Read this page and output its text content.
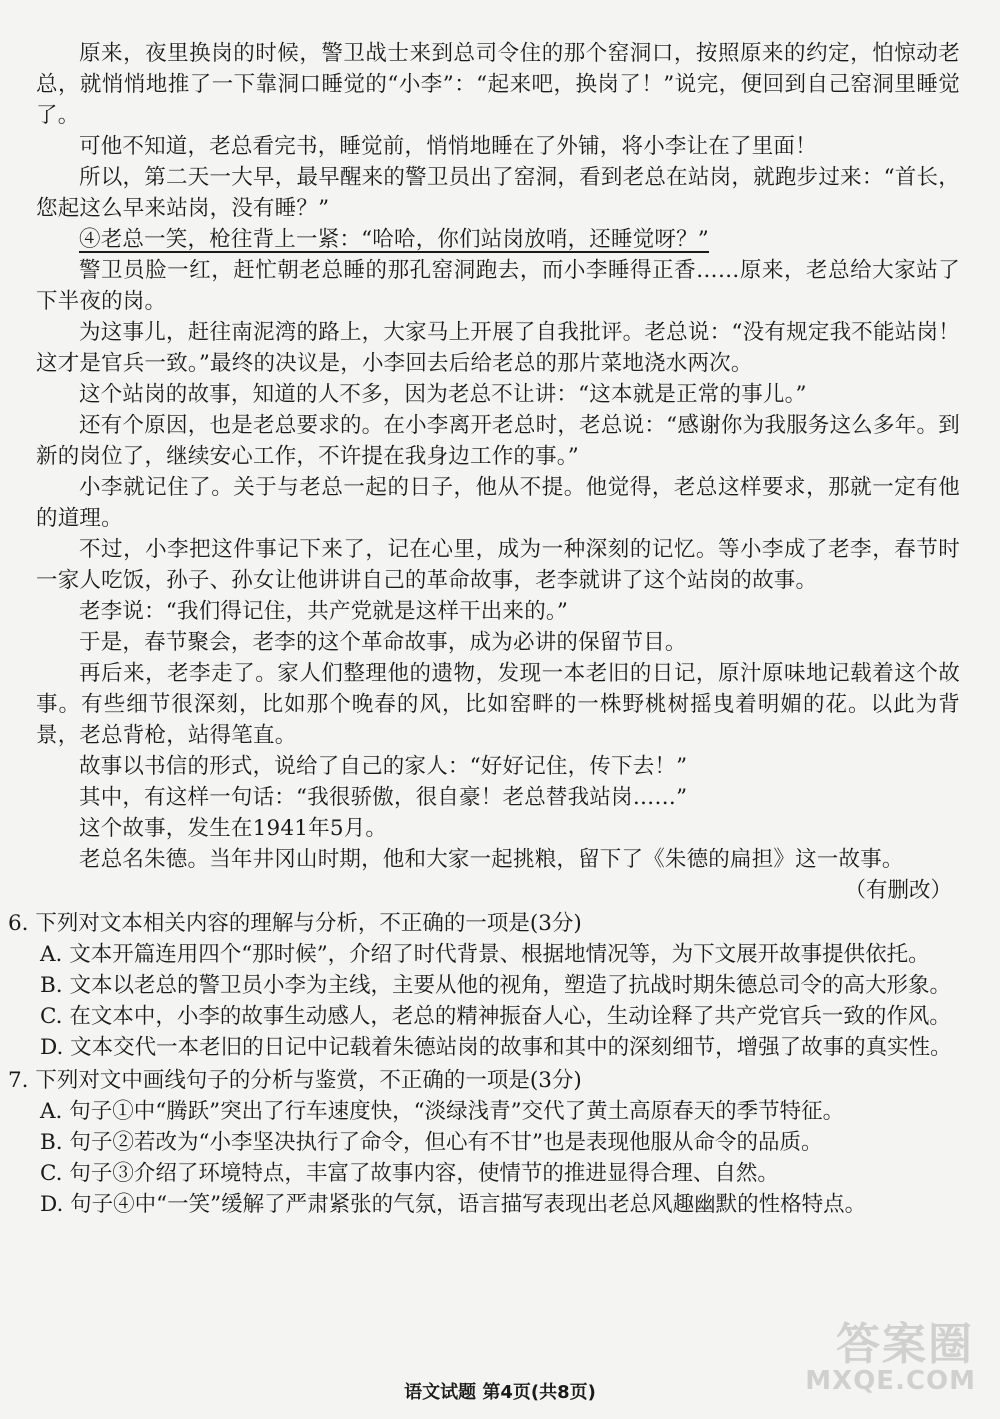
原来，夜里换岗的时候，警卫战士来到总司令住的那个窑洞口，按照原来的约定，怕惊动老总，就悄悄地推了一下靠洞口睡觉的“小李”：“起来吧，换岗了！”说完，便回到自己窑洞里睡觉了。

可他不知道，老总看完书，睡觉前，悄悄地睡在了外铺，将小李让在了里面！

所以，第二天一大早，最早醒来的警卫员出了窑洞，看到老总在站岗，就跑步过来：“首长，您起这么早来站岗，没有睡？”

④老总一笑，枪往背上一紧：“哈哈，你们站岗放哨，还睡觉呀？”

警卫员脸一红，赶忙朝老总睡的那孔窑洞跑去，而小李睡得正香……原来，老总给大家站了下半夜的岗。

为这事儿，赶往南泥湾的路上，大家马上开展了自我批评。老总说：“没有规定我不能站岗！这才是官兵一致。”最终的决议是，小李回去后给老总的那片菜地浇水两次。

这个站岗的故事，知道的人不多，因为老总不让讲：“这本就是正常的事儿。”

还有个原因，也是老总要求的。在小李离开老总时，老总说：“感谢你为我服务这么多年。到新的岗位了，继续安心工作，不许提在我身边工作的事。”

小李就记住了。关于与老总一起的日子，他从不提。他觉得，老总这样要求，那就一定有他的道理。

不过，小李把这件事记下来了，记在心里，成为一种深刻的记忆。等小李成了老李，春节时一家人吃饭，孙子、孙女让他讲讲自己的革命故事，老李就讲了这个站岗的故事。

老李说：“我们得记住，共产党就是这样干出来的。”

于是，春节聚会，老李的这个革命故事，成为必讲的保留节目。

再后来，老李走了。家人们整理他的遗物，发现一本老旧的日记，原汁原味地记载着这个故事。有些细节很深刻，比如那个晚春的风，比如窑畔的一株野桃树摇曳着明媚的花。以此为背景，老总背枪，站得笔直。

故事以书信的形式，说给了自己的家人：“好好记住，传下去！”

其中，有这样一句话：“我很骄傲，很自豪！老总替我站岗……”

这个故事，发生在1941年5月。

老总名朱德。当年井冈山时期，他和大家一起挑粮，留下了《朱德的扁担》这一故事。

（有删改）

6. 下列对文本相关内容的理解与分析，不正确的一项是(3分)

A. 文本开篇连用四个“那时候”，介绍了时代背景、根据地情况等，为下文展开故事提供依托。

B. 文本以老总的警卫员小李为主线，主要从他的视角，塑造了抗战时期朱德总司令的高大形象。

C. 在文本中，小李的故事生动感人，老总的精神振奋人心，生动诠释了共产党官兵一致的作风。

D. 文本交代一本老旧的日记中记载着朱德站岗的故事和其中的深刻细节，增强了故事的真实性。

7. 下列对文中画线句子的分析与鉴赏，不正确的一项是(3分)

A. 句子①中“腾跃”突出了行车速度快，“淡绿浅青”交代了黄土高原春天的季节特征。

B. 句子②若改为“小李坚决执行了命令，但心有不甘”也是表现他服从命令的品质。

C. 句子③介绍了环境特点，丰富了故事内容，使情节的推进显得合理、自然。

D. 句子④中“一笑”缓解了严肃紧张的气氛，语言描写表现出老总风趣幽默的性格特点。

答案圈
MXQE.COM
语文试题 第4页(共8页)
